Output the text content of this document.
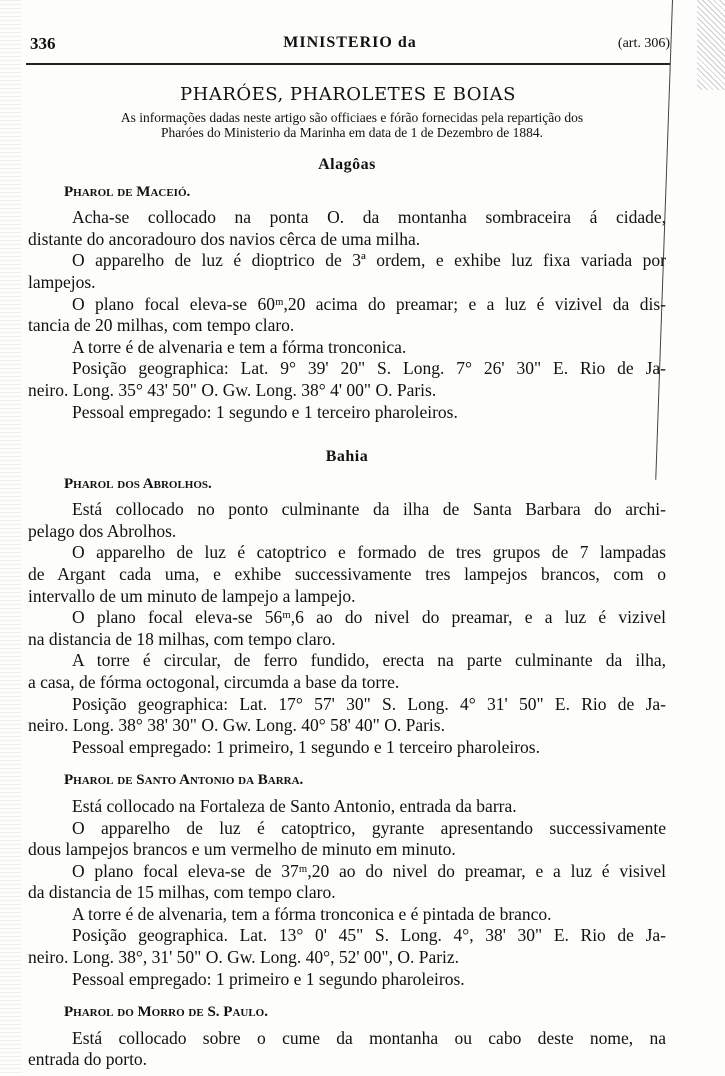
336	MINISTERIO da	(art. 306)
PHARÓES, PHAROLETES E BOIAS
As informações dadas neste artigo são officiaes e fórão fornecidas pela repartição dos
Pharóes do Ministerio da Marinha em data de 1 de Dezembro de 1884.
Alagôas
Pharol de Maceió.
Acha-se collocado na ponta O. da montanha sombraceira á cidade,
distante do ancoradouro dos navios cêrca de uma milha.
O apparelho de luz é dioptrico de 3ª ordem, e exhibe luz fixa variada por
lampejos.
O plano focal eleva-se 60ᵐ,20 acima do preamar; e a luz é vizivel da dis-
tancia de 20 milhas, com tempo claro.
A torre é de alvenaria e tem a fórma tronconica.
Posição geographica: Lat. 9° 39' 20" S. Long. 7° 26' 30" E. Rio de Ja-
neiro. Long. 35° 43' 50" O. Gw. Long. 38° 4' 00" O. Paris.
Pessoal empregado: 1 segundo e 1 terceiro pharoleiros.
Bahia
Pharol dos Abrolhos.
Está collocado no ponto culminante da ilha de Santa Barbara do archi-
pelago dos Abrolhos.
O apparelho de luz é catoptrico e formado de tres grupos de 7 lampadas
de Argant cada uma, e exhibe successivamente tres lampejos brancos, com o
intervallo de um minuto de lampejo a lampejo.
O plano focal eleva-se 56ᵐ,6 ao do nivel do preamar, e a luz é vizivel
na distancia de 18 milhas, com tempo claro.
A torre é circular, de ferro fundido, erecta na parte culminante da ilha,
a casa, de fórma octogonal, circumda a base da torre.
Posição geographica: Lat. 17° 57' 30" S. Long. 4° 31' 50" E. Rio de Ja-
neiro. Long. 38° 38' 30" O. Gw. Long. 40° 58' 40" O. Paris.
Pessoal empregado: 1 primeiro, 1 segundo e 1 terceiro pharoleiros.
Pharol de Santo Antonio da Barra.
Está collocado na Fortaleza de Santo Antonio, entrada da barra.
O apparelho de luz é catoptrico, gyrante apresentando successivamente
dous lampejos brancos e um vermelho de minuto em minuto.
O plano focal eleva-se de 37ᵐ,20 ao do nivel do preamar, e a luz é visivel
da distancia de 15 milhas, com tempo claro.
A torre é de alvenaria, tem a fórma tronconica e é pintada de branco.
Posição geographica. Lat. 13° 0' 45" S. Long. 4°, 38' 30" E. Rio de Ja-
neiro. Long. 38°, 31' 50" O. Gw. Long. 40°, 52' 00", O. Pariz.
Pessoal empregado: 1 primeiro e 1 segundo pharoleiros.
Pharol do Morro de S. Paulo.
Está collocado sobre o cume da montanha ou cabo deste nome, na
entrada do porto.
